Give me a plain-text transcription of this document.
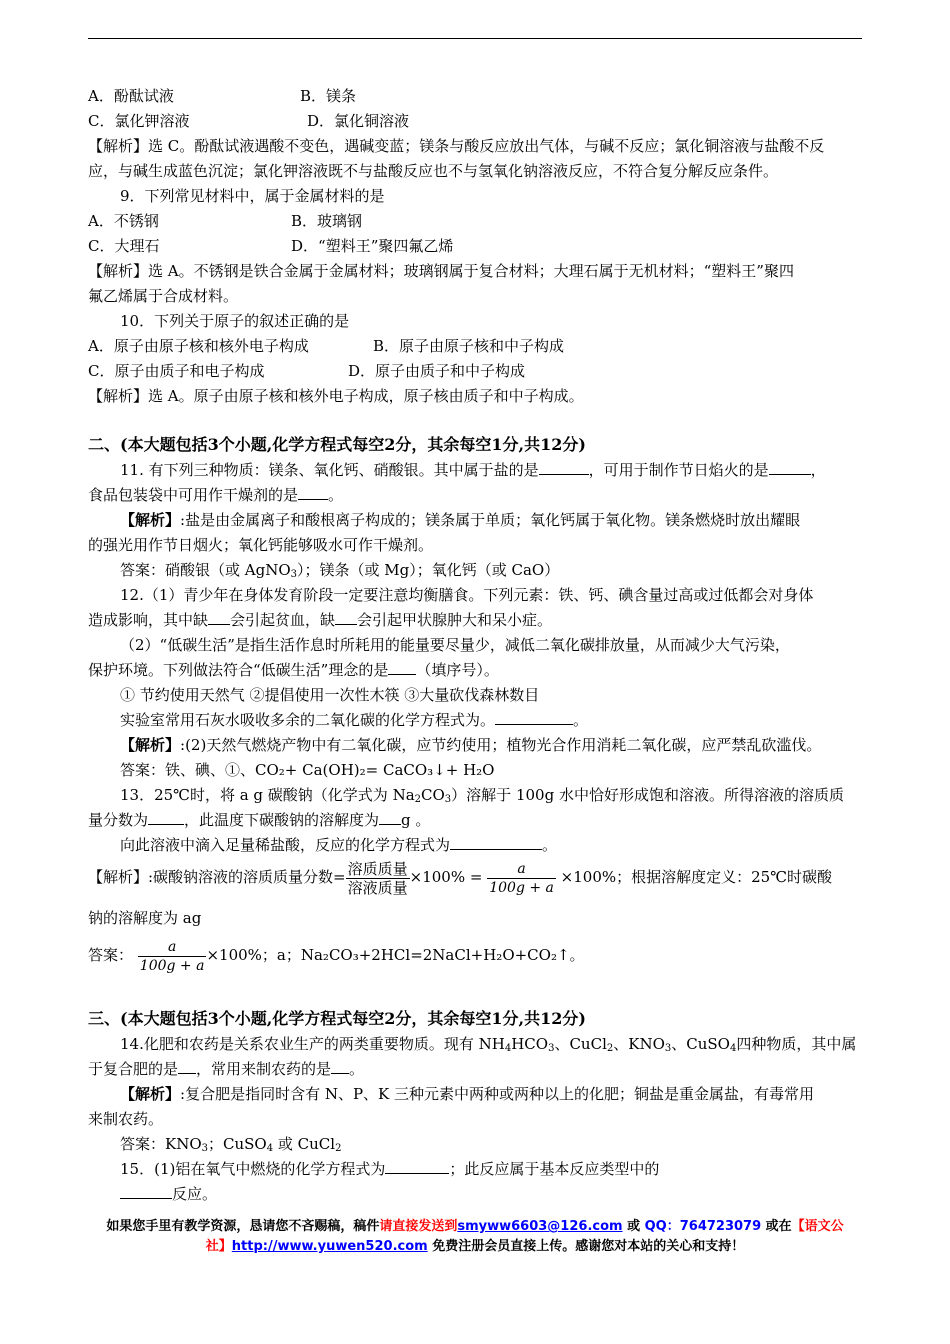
A．酚酞试液	B．镁条
C．氯化钾溶液	D．氯化铜溶液
【解析】选 C。酚酞试液遇酸不变色，遇碱变蓝；镁条与酸反应放出气体，与碱不反应；氯化铜溶液与盐酸不反
应，与碱生成蓝色沉淀；氯化钾溶液既不与盐酸反应也不与氢氧化钠溶液反应，不符合复分解反应条件。
9．下列常见材料中，属于金属材料的是
A．不锈钢	B．玻璃钢
C．大理石	D．“塑料王”聚四氟乙烯
【解析】选 A。不锈钢是铁合金属于金属材料；玻璃钢属于复合材料；大理石属于无机材料；“塑料王”聚四
氟乙烯属于合成材料。
10．下列关于原子的叙述正确的是
A．原子由原子核和核外电子构成	B．原子由原子核和中子构成
C．原子由质子和电子构成	D．原子由质子和中子构成
【解析】选 A。原子由原子核和核外电子构成，原子核由质子和中子构成。
二、(本大题包括3个小题,化学方程式每空2分，其余每空1分,共12分)
11. 有下列三种物质：镁条、氧化钙、硝酸银。其中属于盐的是	，可用于制作节日焰火的是	，
食品包装袋中可用作干燥剂的是 。
【解析】:盐是由金属离子和酸根离子构成的；镁条属于单质；氧化钙属于氧化物。镁条燃烧时放出耀眼
的强光用作节日烟火；氧化钙能够吸水可作干燥剂。
答案：硝酸银（或 AgNO$_3$）；镁条（或 Mg）；氧化钙（或 CaO）
12.（1）青少年在身体发育阶段一定要注意均衡膳食。下列元素：铁、钙、碘含量过高或过低都会对身体
造成影响，其中缺 会引起贫血，缺 会引起甲状腺肿大和呆小症。
（2）“低碳生活”是指生活作息时所耗用的能量要尽量少，减低二氧化碳排放量，从而减少大气污染，
保护环境。下列做法符合“低碳生活”理念的是 （填序号）。
① 节约使用天然气 ②提倡使用一次性木筷 ③大量砍伐森林数目
实验室常用石灰水吸收多余的二氧化碳的化学方程式为。	。
【解析】:(2)天然气燃烧产物中有二氧化碳，应节约使用；植物光合作用消耗二氧化碳，应严禁乱砍滥伐。
答案：铁、碘、①、CO₂+ Ca(OH)₂= CaCO₃↓+ H₂O
13．25℃时，将 a g 碳酸钠（化学式为 $Na_2CO_3$）溶解于 100g 水中恰好形成饱和溶液。所得溶液的溶质质
量分数为 ，此温度下碳酸钠的溶解度为 g 。
向此溶液中滴入足量稀盐酸，反应的化学方程式为	。
【解析】:碳酸钠溶液的溶质质量分数= $\frac{\text{溶质质量}}{\text{溶液质量}} \times 100\% = \frac{a}{100g + a} \times 100\%$；根据溶解度定义：25℃时碳酸
钠的溶解度为 ag
答案： $\frac{a}{100g + a} \times 100\%$；a；Na₂CO₃+2HCl=2NaCl+H₂O+CO₂↑。
三、(本大题包括3个小题,化学方程式每空2分，其余每空1分,共12分)
14.化肥和农药是关系农业生产的两类重要物质。现有 $NH_4HCO_3$、CuCl$_2$、$KNO_3$、CuSO$_4$四种物质，其中属
于复合肥的是 ，常用来制农药的是 。
【解析】:复合肥是指同时含有 N、P、K 三种元素中两种或两种以上的化肥；铜盐是重金属盐，有毒常用
来制农药。
答案：$KNO_3$；CuSO$_4$ 或 CuCl$_2$
15．(1)铝在氧气中燃烧的化学方程式为	；此反应属于基本反应类型中的
反应。
如果您手里有教学资源，恳请您不吝赐稿，稿件请直接发送到smyww6603@126.com 或 QQ：764723079 或在【语文公
社】http://www.yuwen520.com 免费注册会员直接上传。感谢您对本站的关心和支持！
